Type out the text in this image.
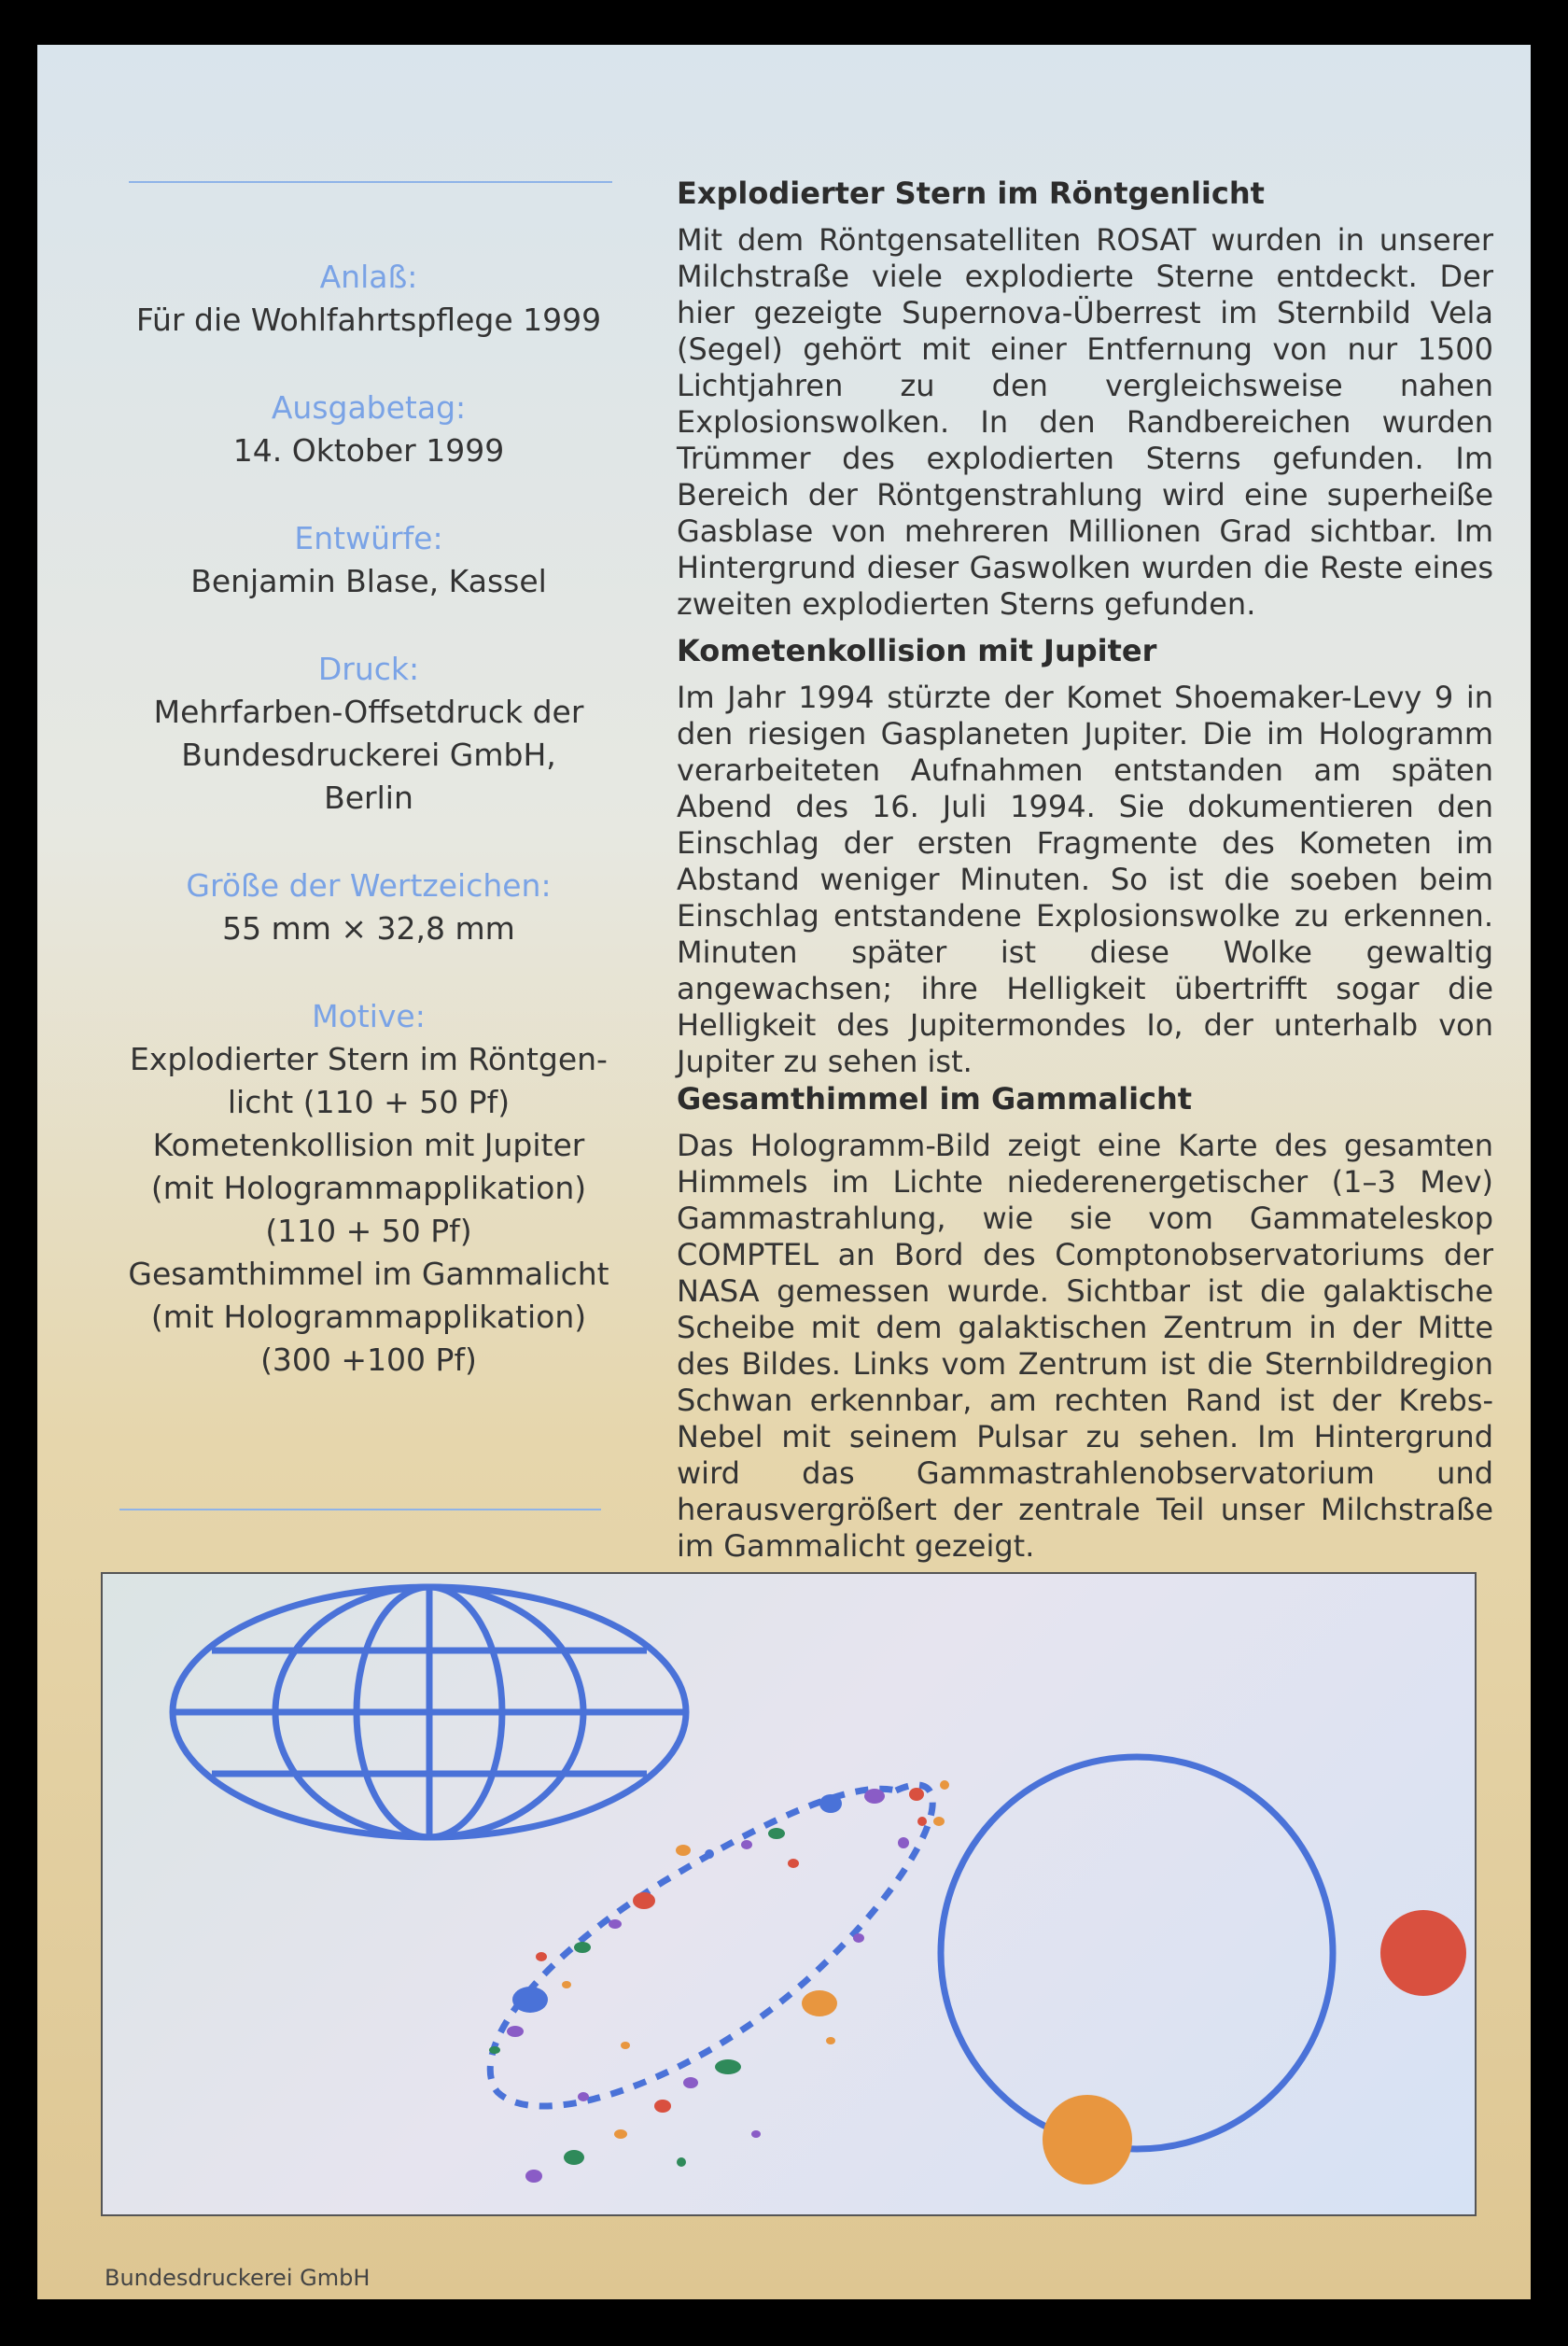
Anlaß:

Für die Wohlfahrtspflege 1999

Ausgabetag:

14. Oktober 1999

Entwürfe:

Benjamin Blase, Kassel

Druck:

Mehrfarben-Offsetdruck der

Bundesdruckerei GmbH,

Berlin

Größe der Wertzeichen:

55 mm × 32,8 mm

Motive:

Explodierter Stern im Röntgen-

licht (110 + 50 Pf)

Kometenkollision mit Jupiter

(mit Hologrammapplikation)

(110 + 50 Pf)

Gesamthimmel im Gammalicht

(mit Hologrammapplikation)

(300 +100 Pf)

Explodierter Stern im Röntgenlicht

Mit dem Röntgensatelliten ROSAT wurden in unserer Milchstraße viele explodierte Sterne entdeckt. Der hier gezeigte Supernova-Überrest im Sternbild Vela (Segel) gehört mit einer Entfernung von nur 1500 Lichtjahren zu den vergleichsweise nahen Explosionswolken. In den Randbereichen wurden Trümmer des explodierten Sterns gefunden. Im Bereich der Röntgenstrahlung wird eine superheiße Gasblase von mehreren Millionen Grad sichtbar. Im Hintergrund dieser Gaswolken wurden die Reste eines zweiten explodierten Sterns gefunden.

Kometenkollision mit Jupiter

Im Jahr 1994 stürzte der Komet Shoemaker-Levy 9 in den riesigen Gasplaneten Jupiter. Die im Hologramm verarbeiteten Aufnahmen entstanden am späten Abend des 16. Juli 1994. Sie dokumentieren den Einschlag der ersten Fragmente des Kometen im Abstand weniger Minuten. So ist die soeben beim Einschlag entstandene Explosionswolke zu erkennen. Minuten später ist diese Wolke gewaltig angewachsen; ihre Helligkeit übertrifft sogar die Helligkeit des Jupitermondes Io, der unterhalb von Jupiter zu sehen ist.

Gesamthimmel im Gammalicht

Das Hologramm-Bild zeigt eine Karte des gesamten Himmels im Lichte niederenergetischer (1–3 Mev) Gammastrahlung, wie sie vom Gammateleskop COMPTEL an Bord des Comptonobservatoriums der NASA gemessen wurde. Sichtbar ist die galaktische Scheibe mit dem galaktischen Zentrum in der Mitte des Bildes. Links vom Zentrum ist die Sternbildregion Schwan erkennbar, am rechten Rand ist der Krebs-Nebel mit seinem Pulsar zu sehen. Im Hintergrund wird das Gammastrahlenobservatorium und herausvergrößert der zentrale Teil unser Milchstraße im Gammalicht gezeigt.

Bundesdruckerei GmbH
